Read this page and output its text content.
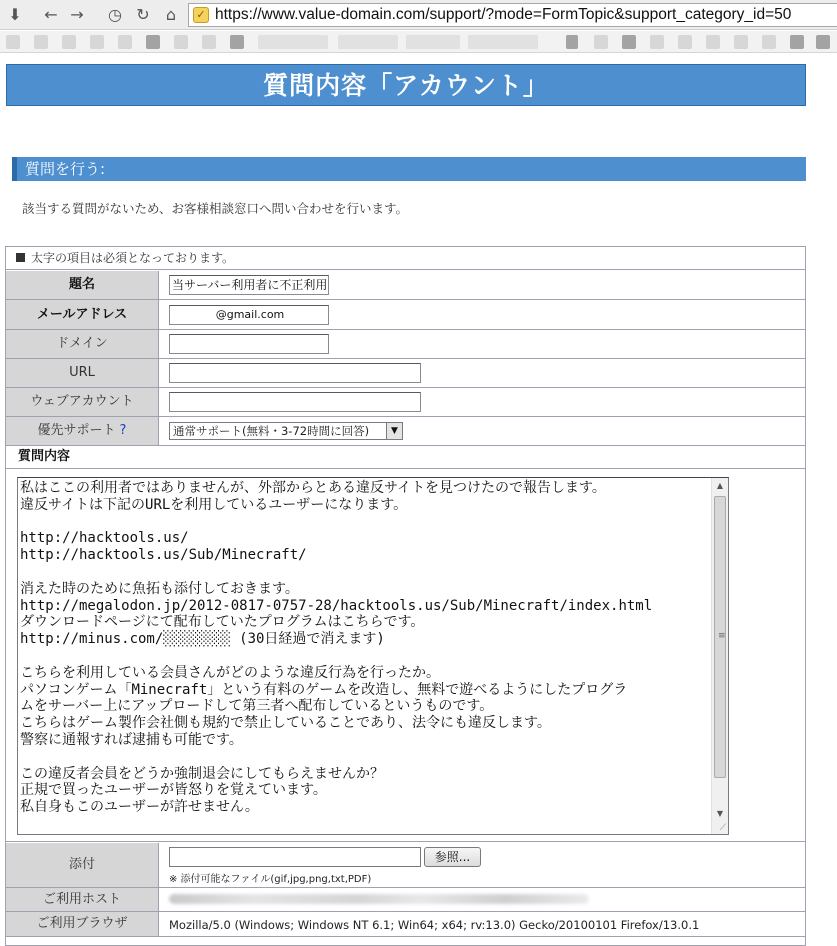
⬇ ← → ◷ ↻	⌂	✓ https://www.value-domain.com/support/?mode=FormTopic&support_category_id=50
質問内容「アカウント」
質問を行う:
該当する質問がないため、お客様相談窓口へ問い合わせを行います。
太字の項目は必須となっております。
題名	当サーバー利用者に不正利用
メールアドレス	@gmail.com
ドメイン
URL
ウェブアカウント
優先サポート ?	通常サポート(無料・3-72時間に回答)	▼
質問内容
私はここの利用者ではありませんが、外部からとある違反サイトを見つけたので報告します。
違反サイトは下記のURLを利用しているユーザーになります。
http://hacktools.us/
http://hacktools.us/Sub/Minecraft/
消えた時のために魚拓も添付しておきます。
http://megalodon.jp/2012-0817-0757-28/hacktools.us/Sub/Minecraft/index.html
ダウンロードページにて配布していたプログラムはこちらです。
http://minus.com/░░░░░░░░ (30日経過で消えます)
こちらを利用している会員さんがどのような違反行為を行ったか。
パソコンゲーム「Minecraft」という有料のゲームを改造し、無料で遊べるようにしたプログラ
ムをサーバー上にアップロードして第三者へ配布しているというものです。
こちらはゲーム製作会社側も規約で禁止していることであり、法令にも違反します。
警察に通報すれば逮捕も可能です。
この違反者会員をどうか強制退会にしてもらえませんか？
正規で買ったユーザーが皆怒りを覚えています。
私自身もこのユーザーが許せません。
▲
≡
▼
⟋
添付	参照...
※ 添付可能なファイル(gif,jpg,png,txt,PDF)
ご利用ホスト
ご利用ブラウザ	Mozilla/5.0 (Windows; Windows NT 6.1; Win64; x64; rv:13.0) Gecko/20100101 Firefox/13.0.1
